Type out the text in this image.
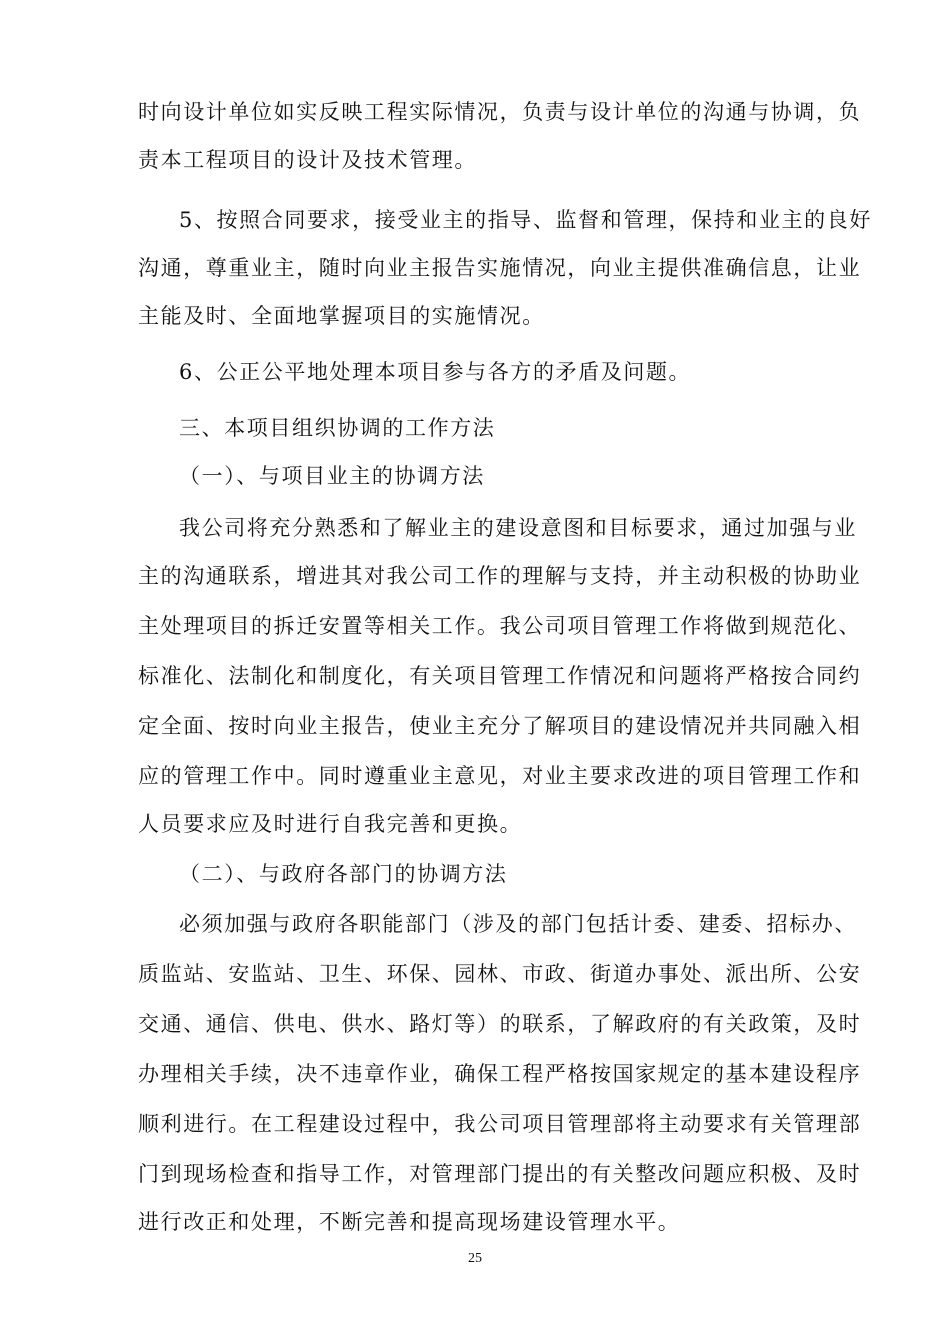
时向设计单位如实反映工程实际情况，负责与设计单位的沟通与协调，负
责本工程项目的设计及技术管理。
5、按照合同要求，接受业主的指导、监督和管理，保持和业主的良好
沟通，尊重业主，随时向业主报告实施情况，向业主提供准确信息，让业
主能及时、全面地掌握项目的实施情况。
6、公正公平地处理本项目参与各方的矛盾及问题。
三、本项目组织协调的工作方法
（一）、与项目业主的协调方法
我公司将充分熟悉和了解业主的建设意图和目标要求，通过加强与业
主的沟通联系，增进其对我公司工作的理解与支持，并主动积极的协助业
主处理项目的拆迁安置等相关工作。我公司项目管理工作将做到规范化、
标准化、法制化和制度化，有关项目管理工作情况和问题将严格按合同约
定全面、按时向业主报告，使业主充分了解项目的建设情况并共同融入相
应的管理工作中。同时遵重业主意见，对业主要求改进的项目管理工作和
人员要求应及时进行自我完善和更换。
（二）、与政府各部门的协调方法
必须加强与政府各职能部门（涉及的部门包括计委、建委、招标办、
质监站、安监站、卫生、环保、园林、市政、街道办事处、派出所、公安
交通、通信、供电、供水、路灯等）的联系，了解政府的有关政策，及时
办理相关手续，决不违章作业，确保工程严格按国家规定的基本建设程序
顺利进行。在工程建设过程中，我公司项目管理部将主动要求有关管理部
门到现场检查和指导工作，对管理部门提出的有关整改问题应积极、及时
进行改正和处理，不断完善和提高现场建设管理水平。
25
